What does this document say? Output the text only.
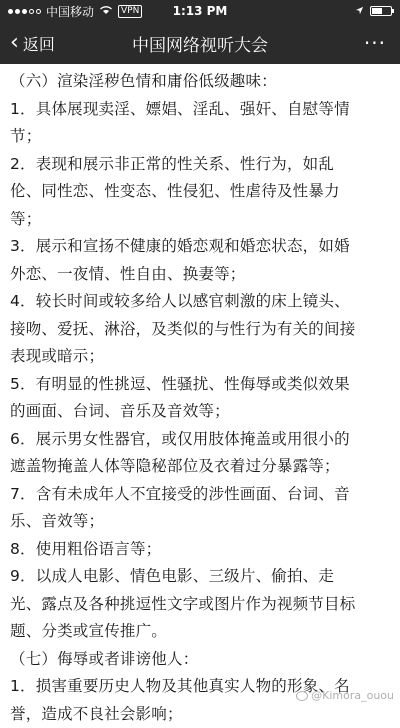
中国移动	VPN	1:13 PM
‹ 返回	中国网络视听大会	···
（六）渲染淫秽色情和庸俗低级趣味：
1．具体展现卖淫、嫖娼、淫乱、强奸、自慰等情
节；
2．表现和展示非正常的性关系、性行为，如乱
伦、同性恋、性变态、性侵犯、性虐待及性暴力
等；
3．展示和宣扬不健康的婚恋观和婚恋状态，如婚
外恋、一夜情、性自由、换妻等；
4．较长时间或较多给人以感官刺激的床上镜头、
接吻、爱抚、淋浴，及类似的与性行为有关的间接
表现或暗示；
5．有明显的性挑逗、性骚扰、性侮辱或类似效果
的画面、台词、音乐及音效等；
6．展示男女性器官，或仅用肢体掩盖或用很小的
遮盖物掩盖人体等隐秘部位及衣着过分暴露等；
7．含有未成年人不宜接受的涉性画面、台词、音
乐、音效等；
8．使用粗俗语言等；
9．以成人电影、情色电影、三级片、偷拍、走
光、露点及各种挑逗性文字或图片作为视频节目标
题、分类或宣传推广。
（七）侮辱或者诽谤他人：
1．损害重要历史人物及其他真实人物的形象、名
誉，造成不良社会影响；	@Kimora_ouou
